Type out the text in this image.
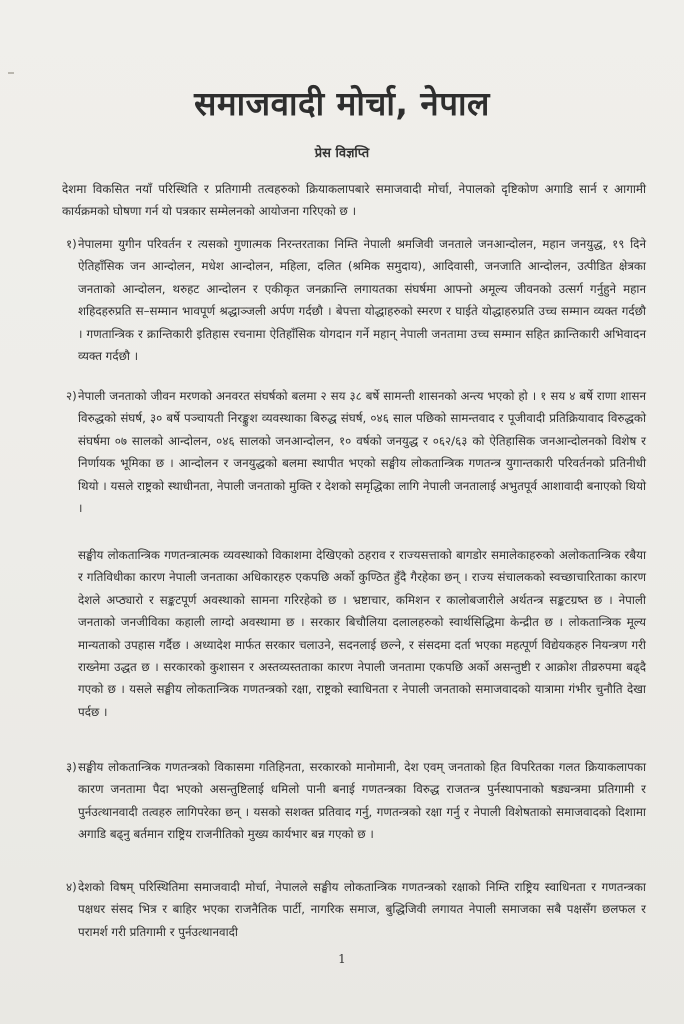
समाजवादी मोर्चा, नेपाल
प्रेस विज्ञप्ति

देशमा विकसित नयाँ परिस्थिति र प्रतिगामी तत्वहरुको क्रियाकलापबारे समाजवादी मोर्चा, नेपालको दृष्टिकोण अगाडि सार्न र आगामी कार्यक्रमको घोषणा गर्न यो पत्रकार सम्मेलनको आयोजना गरिएको छ ।

१) नेपालमा युगीन परिवर्तन र त्यसको गुणात्मक निरन्तरताका निम्ति नेपाली श्रमजिवी जनताले जनआन्दोलन, महान जनयुद्ध, १९ दिने ऐतिहाँसिक जन आन्दोलन, मधेश आन्दोलन, महिला, दलित (श्रमिक समुदाय), आदिवासी, जनजाति आन्दोलन, उत्पीडित क्षेत्रका जनताको आन्दोलन, थरुहट आन्दोलन र एकीकृत जनक्रान्ति लगायतका संघर्षमा आफ्नो अमूल्य जीवनको उत्सर्ग गर्नुहुने महान शहिदहरुप्रति स–सम्मान भावपूर्ण श्रद्धाञ्जली अर्पण गर्दछौ । बेपत्ता योद्धाहरुको स्मरण र घाईते योद्धाहरुप्रति उच्च सम्मान व्यक्त गर्दछौ । गणतान्त्रिक र क्रान्तिकारी इतिहास रचनामा ऐतिहाँसिक योगदान गर्ने महान् नेपाली जनतामा उच्च सम्मान सहित क्रान्तिकारी अभिवादन व्यक्त गर्दछौ ।

२) नेपाली जनताको जीवन मरणको अनवरत संघर्षको बलमा २ सय ३८ बर्षे सामन्ती शासनको अन्त्य भएको हो । १ सय ४ बर्षे राणा शासन विरुद्धको संघर्ष, ३० बर्षे पञ्चायती निरङ्कुश व्यवस्थाका बिरुद्ध संघर्ष, ०४६ साल पछिको सामन्तवाद र पूजीवादी प्रतिक्रियावाद विरुद्धको संघर्षमा ०७ सालको आन्दोलन, ०४६ सालको जनआन्दोलन, १० वर्षको जनयुद्ध र ०६२/६३ को ऐतिहासिक जनआन्दोलनको विशेष र निर्णायक भूमिका छ । आन्दोलन र जनयुद्धको बलमा स्थापीत भएको सङ्घीय लोकतान्त्रिक गणतन्त्र युगान्तकारी परिवर्तनको प्रतिनीधी थियो । यसले राष्ट्रको स्थाधीनता, नेपाली जनताको मुक्ति र देशको समृद्धिका लागि नेपाली जनतालाई अभुतपूर्व आशावादी बनाएको थियो ।

सङ्घीय लोकतान्त्रिक गणतन्त्रात्मक व्यवस्थाको विकाशमा देखिएको ठहराव र राज्यसत्ताको बागडोर समालेकाहरुको अलोकतान्त्रिक रबैया र गतिविधीका कारण नेपाली जनताका अधिकारहरु एकपछि अर्को कुण्ठित हुँदै गैरहेका छन् । राज्य संचालकको स्वच्छाचारिताका कारण देशले अप्ठ्यारो र सङ्कटपूर्ण अवस्थाको सामना गरिरहेको छ । भ्रष्टाचार, कमिशन र कालोबजारीले अर्थतन्त्र सङ्कटग्रष्त छ । नेपाली जनताको जनजीविका कहाली लाग्दो अवस्थामा छ । सरकार बिचौलिया दलालहरुको स्वार्थसिद्धिमा केन्द्रीत छ । लोकतान्त्रिक मूल्य मान्यताको उपहास गर्दैछ । अध्यादेश मार्फत सरकार चलाउने, सदनलाई छल्ने, र संसदमा दर्ता भएका महत्पूर्ण विद्येयकहरु नियन्त्रण गरी राख्नेमा उद्धत छ । सरकारको कुशासन र अस्तव्यस्तताका कारण नेपाली जनतामा एकपछि अर्को असन्तुष्टी र आक्रोश तीव्ररुपमा बढ्दै गएको छ । यसले सङ्घीय लोकतान्त्रिक गणतन्त्रको रक्षा, राष्ट्रको स्वाधिनता र नेपाली जनताको समाजवादको यात्रामा गंभीर चुनौति देखा पर्दछ ।

३) सङ्घीय लोकतान्त्रिक गणतन्त्रको विकासमा गतिहिनता, सरकारको मानोमानी, देश एवम् जनताको हित विपरितका गलत क्रियाकलापका कारण जनतामा पैदा भएको असन्तुष्टिलाई धमिलो पानी बनाई गणतन्त्रका विरुद्ध राजतन्त्र पुर्नस्थापनाको षड्यन्त्रमा प्रतिगामी र पुर्नउत्थानवादी तत्वहरु लागिपरेका छन् । यसको सशक्त प्रतिवाद गर्नु, गणतन्त्रको रक्षा गर्नु र नेपाली विशेषताको समाजवादको दिशामा अगाडि बढ्नु बर्तमान राष्ट्रिय राजनीतिको मुख्य कार्यभार बन्न गएको छ ।

४) देशको विषम् परिस्थितिमा समाजवादी मोर्चा, नेपालले सङ्घीय लोकतान्त्रिक गणतन्त्रको रक्षाको निम्ति राष्ट्रिय स्वाधिनता र गणतन्त्रका पक्षधर संसद भित्र र बाहिर भएका राजनैतिक पार्टी, नागरिक समाज, बुद्धिजिवी लगायत नेपाली समाजका सबै पक्षसँग छलफल र परामर्श गरी प्रतिगामी र पुर्नउत्थानवादी

1
